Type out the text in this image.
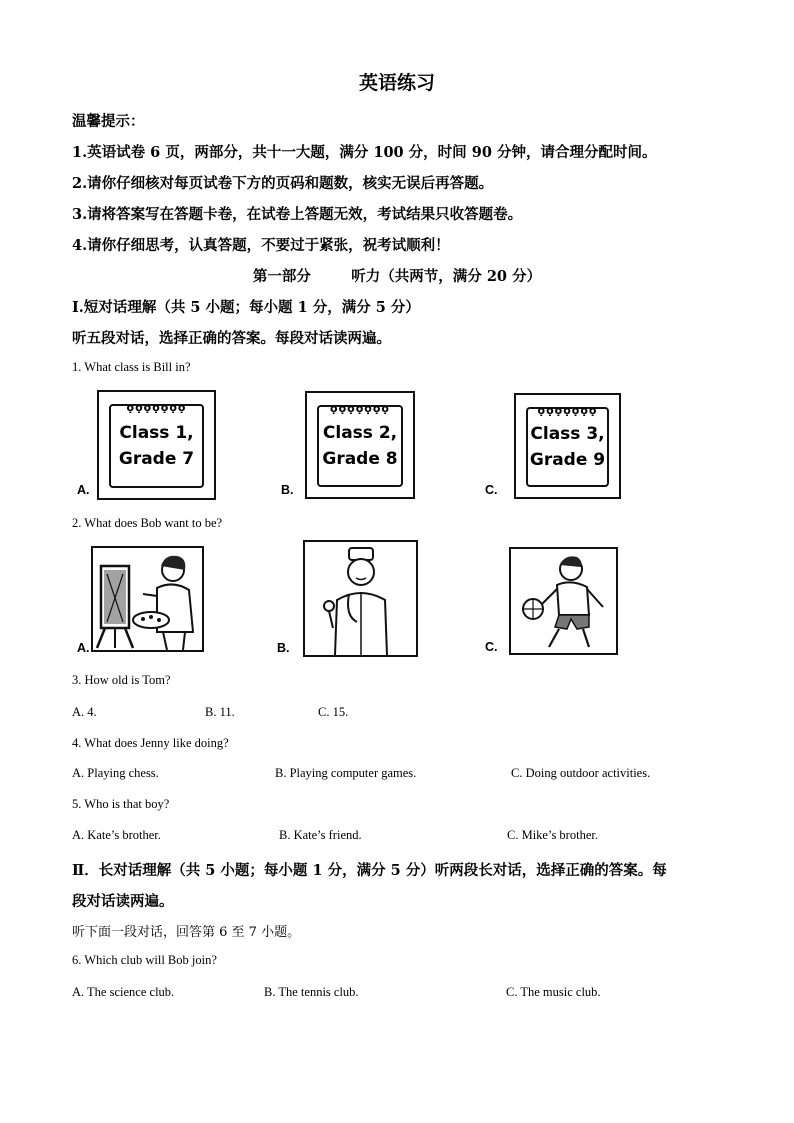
英语练习
温馨提示：
1.英语试卷 6 页，两部分，共十一大题，满分 100 分，时间 90 分钟，请合理分配时间。
2.请你仔细核对每页试卷下方的页码和题数，核实无误后再答题。
3.请将答案写在答题卡卷，在试卷上答题无效，考试结果只收答题卷。
4.请你仔细思考，认真答题，不要过于紧张，祝考试顺利！
第一部分        听力（共两节，满分 20 分）
Ⅰ.短对话理解（共 5 小题；每小题 1 分，满分 5 分）
听五段对话，选择正确的答案。每段对话读两遍。
1. What class is Bill in?
ọọọọọọọ
Class 1,
Grade 7
A.
ọọọọọọọ
Class 2,
Grade 8
B.
ọọọọọọọ
Class 3,
Grade 9
C.
2. What does Bob want to be?
A.	B.	C.
3. How old is Tom?
A. 4.	B. 11.	C. 15.
4. What does Jenny like doing?
A. Playing chess.	B. Playing computer games.	C. Doing outdoor activities.
5. Who is that boy?
A. Kate’s brother.	B. Kate’s friend.	C. Mike’s brother.
Ⅱ．长对话理解（共 5 小题；每小题 1 分，满分 5 分）听两段长对话，选择正确的答案。每
段对话读两遍。
听下面一段对话，回答第 6 至 7 小题。
6. Which club will Bob join?
A. The science club.	B. The tennis club.	C. The music club.
